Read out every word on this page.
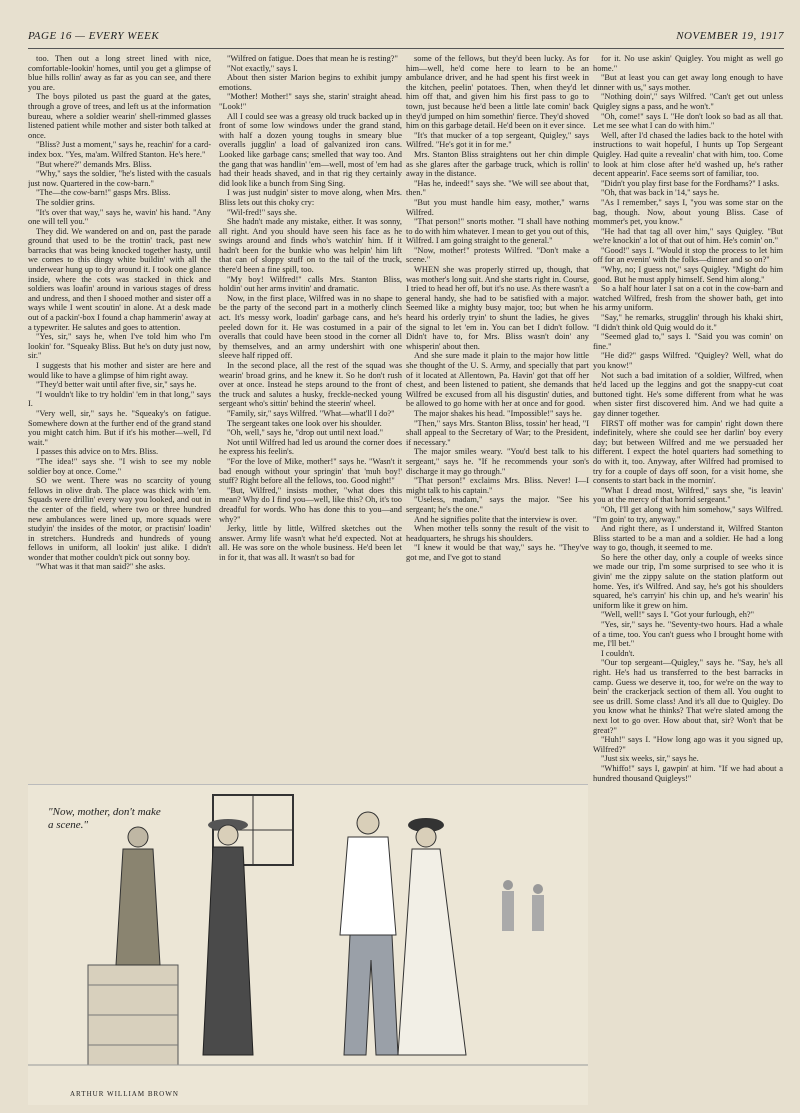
PAGE 16 — EVERY WEEK	NOVEMBER 19, 1917

too. Then out a long street lined with nice, comfortable-lookin' homes, until you get a glimpse of blue hills rollin' away as far as you can see, and there you are.

The boys piloted us past the guard at the gates, through a grove of trees, and left us at the information bureau, where a soldier wearin' shell-rimmed glasses listened patient while mother and sister both talked at once.

"Bliss? Just a moment," says he, reachin' for a card-index box. "Yes, ma'am. Wilfred Stanton. He's here."

"But where?" demands Mrs. Bliss.

"Why," says the soldier, "he's listed with the casuals just now. Quartered in the cow-barn."

"The—the cow-barn!" gasps Mrs. Bliss.

The soldier grins.

"It's over that way," says he, wavin' his hand. "Any one will tell you."

They did. We wandered on and on, past the parade ground that used to be the trottin' track, past new barracks that was being knocked together hasty, until we comes to this dingy white buildin' with all the underwear hung up to dry around it. I took one glance inside, where the cots was stacked in thick and soldiers was loafin' around in various stages of dress and undress, and then I shooed mother and sister off a ways while I went scoutin' in alone. At a desk made out of a packin'-box I found a chap hammerin' away at a typewriter. He salutes and goes to attention.

"Yes, sir," says he, when I've told him who I'm lookin' for. "Squeaky Bliss. But he's on duty just now, sir."

I suggests that his mother and sister are here and would like to have a glimpse of him right away.

"They'd better wait until after five, sir," says he.

"I wouldn't like to try holdin' 'em in that long," says I.

"Very well, sir," says he. "Squeaky's on fatigue. Somewhere down at the further end of the grand stand you might catch him. But if it's his mother—well, I'd wait."

I passes this advice on to Mrs. Bliss.

"The idea!" says she. "I wish to see my noble soldier boy at once. Come."

SO we went. There was no scarcity of young fellows in olive drab. The place was thick with 'em. Squads were drillin' every way you looked, and out in the center of the field, where two or three hundred new ambulances were lined up, more squads were studyin' the insides of the motor, or practisin' loadin' in stretchers. Hundreds and hundreds of young fellows in uniform, all lookin' just alike. I didn't wonder that mother couldn't pick out sonny boy.

"What was it that man said?" she asks.

"Wilfred on fatigue. Does that mean he is resting?"

"Not exactly," says I.

About then sister Marion begins to exhibit jumpy emotions.

"Mother! Mother!" says she, starin' straight ahead. "Look!"

All I could see was a greasy old truck backed up in front of some low windows under the grand stand, with half a dozen young toughs in smeary blue overalls jugglin' a load of galvanized iron cans. Looked like garbage cans; smelled that way too. And the gang that was handlin' 'em—well, most of 'em had had their heads shaved, and in that rig they certainly did look like a bunch from Sing Sing.

I was just nudgin' sister to move along, when Mrs. Bliss lets out this choky cry:

"Wil-fred!" says she.

She hadn't made any mistake, either. It was sonny, all right. And you should have seen his face as he swings around and finds who's watchin' him. If it hadn't been for the bunkie who was helpin' him lift that can of sloppy stuff on to the tail of the truck, there'd been a fine spill, too.

"My boy! Wilfred!" calls Mrs. Stanton Bliss, holdin' out her arms invitin' and dramatic.

Now, in the first place, Wilfred was in no shape to be the party of the second part in a motherly clinch act. It's messy work, loadin' garbage cans, and he's peeled down for it. He was costumed in a pair of overalls that could have been stood in the corner all by themselves, and an army undershirt with one sleeve half ripped off.

In the second place, all the rest of the squad was wearin' broad grins, and he knew it. So he don't rush over at once. Instead he steps around to the front of the truck and salutes a husky, freckle-necked young sergeant who's sittin' behind the steerin' wheel.

"Family, sir," says Wilfred. "What—what'll I do?"

The sergeant takes one look over his shoulder.

"Oh, well," says he, "drop out until next load."

Not until Wilfred had led us around the corner does he express his feelin's.

"For the love of Mike, mother!" says he. "Wasn't it bad enough without your springin' that 'muh boy!' stuff? Right before all the fellows, too. Good night!"

"But, Wilfred," insists mother, "what does this mean? Why do I find you—well, like this? Oh, it's too dreadful for words. Who has done this to you—and why?"

Jerky, little by little, Wilfred sketches out the answer. Army life wasn't what he'd expected. Not at all. He was sore on the whole business. He'd been let in for it, that was all. It wasn't so bad for

some of the fellows, but they'd been lucky. As for him—well, he'd come here to learn to be an ambulance driver, and he had spent his first week in the kitchen, peelin' potatoes. Then, when they'd let him off that, and given him his first pass to go to town, just because he'd been a little late comin' back they'd jumped on him somethin' fierce. They'd shoved him on this garbage detail. He'd been on it ever since.

"It's that mucker of a top sergeant, Quigley," says Wilfred. "He's got it in for me."

Mrs. Stanton Bliss straightens out her chin dimple as she glares after the garbage truck, which is rollin' away in the distance.

"Has he, indeed!" says she. "We will see about that, then."

"But you must handle him easy, mother," warns Wilfred.

"That person!" snorts mother. "I shall have nothing to do with him whatever. I mean to get you out of this, Wilfred. I am going straight to the general."

"Now, mother!" protests Wilfred. "Don't make a scene."

WHEN she was properly stirred up, though, that was mother's long suit. And she starts right in. Course, I tried to head her off, but it's no use. As there wasn't a general handy, she had to be satisfied with a major. Seemed like a mighty busy major, too; but when he heard his orderly tryin' to shunt the ladies, he gives the signal to let 'em in. You can bet I didn't follow. Didn't have to, for Mrs. Bliss wasn't doin' any whisperin' about then.

And she sure made it plain to the major how little she thought of the U. S. Army, and specially that part of it located at Allentown, Pa. Havin' got that off her chest, and been listened to patient, she demands that Wilfred be excused from all his disgustin' duties, and be allowed to go home with her at once and for good.

The major shakes his head. "Impossible!" says he.

"Then," says Mrs. Stanton Bliss, tossin' her head, "I shall appeal to the Secretary of War; to the President, if necessary."

The major smiles weary. "You'd best talk to his sergeant," says he. "If he recommends your son's discharge it may go through."

"That person!" exclaims Mrs. Bliss. Never! I—I might talk to his captain."

"Useless, madam," says the major. "See his sergeant; he's the one."

And he signifies polite that the interview is over.

When mother tells sonny the result of the visit to headquarters, he shrugs his shoulders.

"I knew it would be that way," says he. "They've got me, and I've got to stand

for it. No use askin' Quigley. You might as well go home."

"But at least you can get away long enough to have dinner with us," says mother.

"Nothing doin'," says Wilfred. "Can't get out unless Quigley signs a pass, and he won't."

"Oh, come!" says I. "He don't look so bad as all that. Let me see what I can do with him."

Well, after I'd chased the ladies back to the hotel with instructions to wait hopeful, I hunts up Top Sergeant Quigley. Had quite a revealin' chat with him, too. Come to look at him close after he'd washed up, he's rather decent appearin'. Face seems sort of familiar, too.

"Didn't you play first base for the Fordhams?" I asks.

"Oh, that was back in '14," says he.

"As I remember," says I, "you was some star on the bag, though. Now, about young Bliss. Case of mommer's pet, you know."

"He had that tag all over him," says Quigley. "But we're knockin' a lot of that out of him. He's comin' on."

"Good!" says I. "Would it stop the process to let him off for an evenin' with the folks—dinner and so on?"

"Why, no; I guess not," says Quigley. "Might do him good. But he must apply himself. Send him along."

So a half hour later I sat on a cot in the cow-barn and watched Wilfred, fresh from the shower bath, get into his army uniform.

"Say," he remarks, strugglin' through his khaki shirt, "I didn't think old Quig would do it."

"Seemed glad to," says I. "Said you was comin' on fine."

"He did?" gasps Wilfred. "Quigley? Well, what do you know!"

Not such a bad imitation of a soldier, Wilfred, when he'd laced up the leggins and got the snappy-cut coat buttoned tight. He's some different from what he was when sister first discovered him. And we had quite a gay dinner together.

FIRST off mother was for campin' right down there indefinitely, where she could see her darlin' boy every day; but between Wilfred and me we persuaded her different. I expect the hotel quarters had something to do with it, too. Anyway, after Wilfred had promised to try for a couple of days off soon, for a visit home, she consents to start back in the mornin'.

"What I dread most, Wilfred," says she, "is leavin' you at the mercy of that horrid sergeant."

"Oh, I'll get along with him somehow," says Wilfred. "I'm goin' to try, anyway."

And right there, as I understand it, Wilfred Stanton Bliss started to be a man and a soldier. He had a long way to go, though, it seemed to me.

So here the other day, only a couple of weeks since we made our trip, I'm some surprised to see who it is givin' me the zippy salute on the station platform out home. Yes, it's Wilfred. And say, he's got his shoulders squared, he's carryin' his chin up, and he's wearin' his uniform like it grew on him.

"Well, well!" says I. "Got your furlough, eh?"

"Yes, sir," says he. "Seventy-two hours. Had a whale of a time, too. You can't guess who I brought home with me, I'll bet."

I couldn't.

"Our top sergeant—Quigley," says he. "Say, he's all right. He's had us transferred to the best barracks in camp. Guess we deserve it, too, for we're on the way to bein' the crackerjack section of them all. You ought to see us drill. Some class! And it's all due to Quigley. Do you know what he thinks? That we're slated among the next lot to go over. How about that, sir? Won't that be great?"

"Huh!" says I. "How long ago was it you signed up, Wilfred?"

"Just six weeks, sir," says he.

"Whiffo!" says I, gawpin' at him. "If we had about a hundred thousand Quigleys!"

"Now, mother, don't make a scene."
ARTHUR WILLIAM BROWN
